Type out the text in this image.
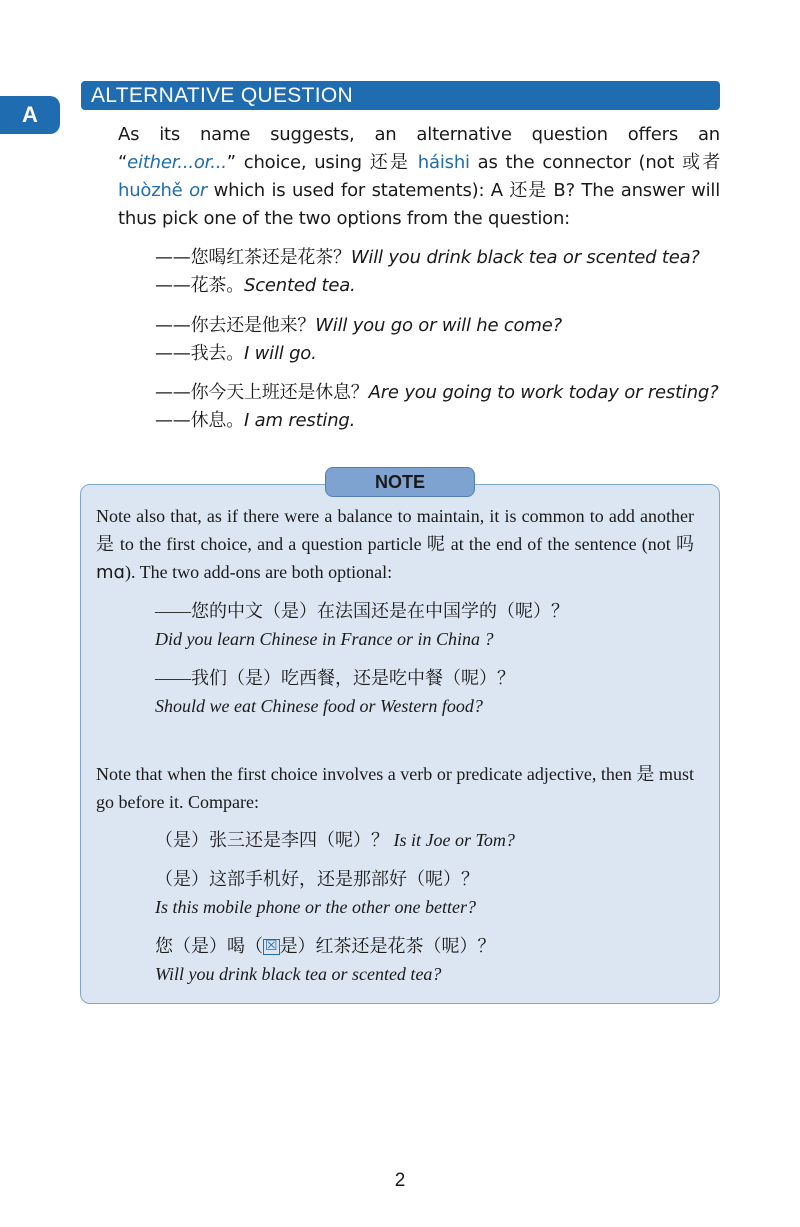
A
ALTERNATIVE QUESTION
As its name suggests, an alternative question offers an “either...or...” choice, using 还是 háishi as the connector (not 或者 huòzhě or which is used for statements): A 还是 B? The answer will thus pick one of the two options from the question:
——您喝红茶还是花茶？Will you drink black tea or scented tea?
——花茶。Scented tea.
——你去还是他来？Will you go or will he come?
——我去。I will go.
——你今天上班还是休息？Are you going to work today or resting?
——休息。I am resting.
NOTE
Note also that, as if there were a balance to maintain, it is common to add another 是 to the first choice, and a question particle 呢 at the end of the sentence (not 吗 mɑ). The two add-ons are both optional:
——您的中文（是）在法国还是在中国学的（呢）？
Did you learn Chinese in France or in China ?
——我们（是）吃西餐，还是吃中餐（呢）？
Should we eat Chinese food or Western food?
Note that when the first choice involves a verb or predicate adjective, then 是 must go before it. Compare:
（是）张三还是李四（呢）？ Is it Joe or Tom?
（是）这部手机好，还是那部好（呢）？
Is this mobile phone or the other one better?
您（是）喝（ ☒ 是）红茶还是花茶（呢）？
Will you drink black tea or scented tea?
2
